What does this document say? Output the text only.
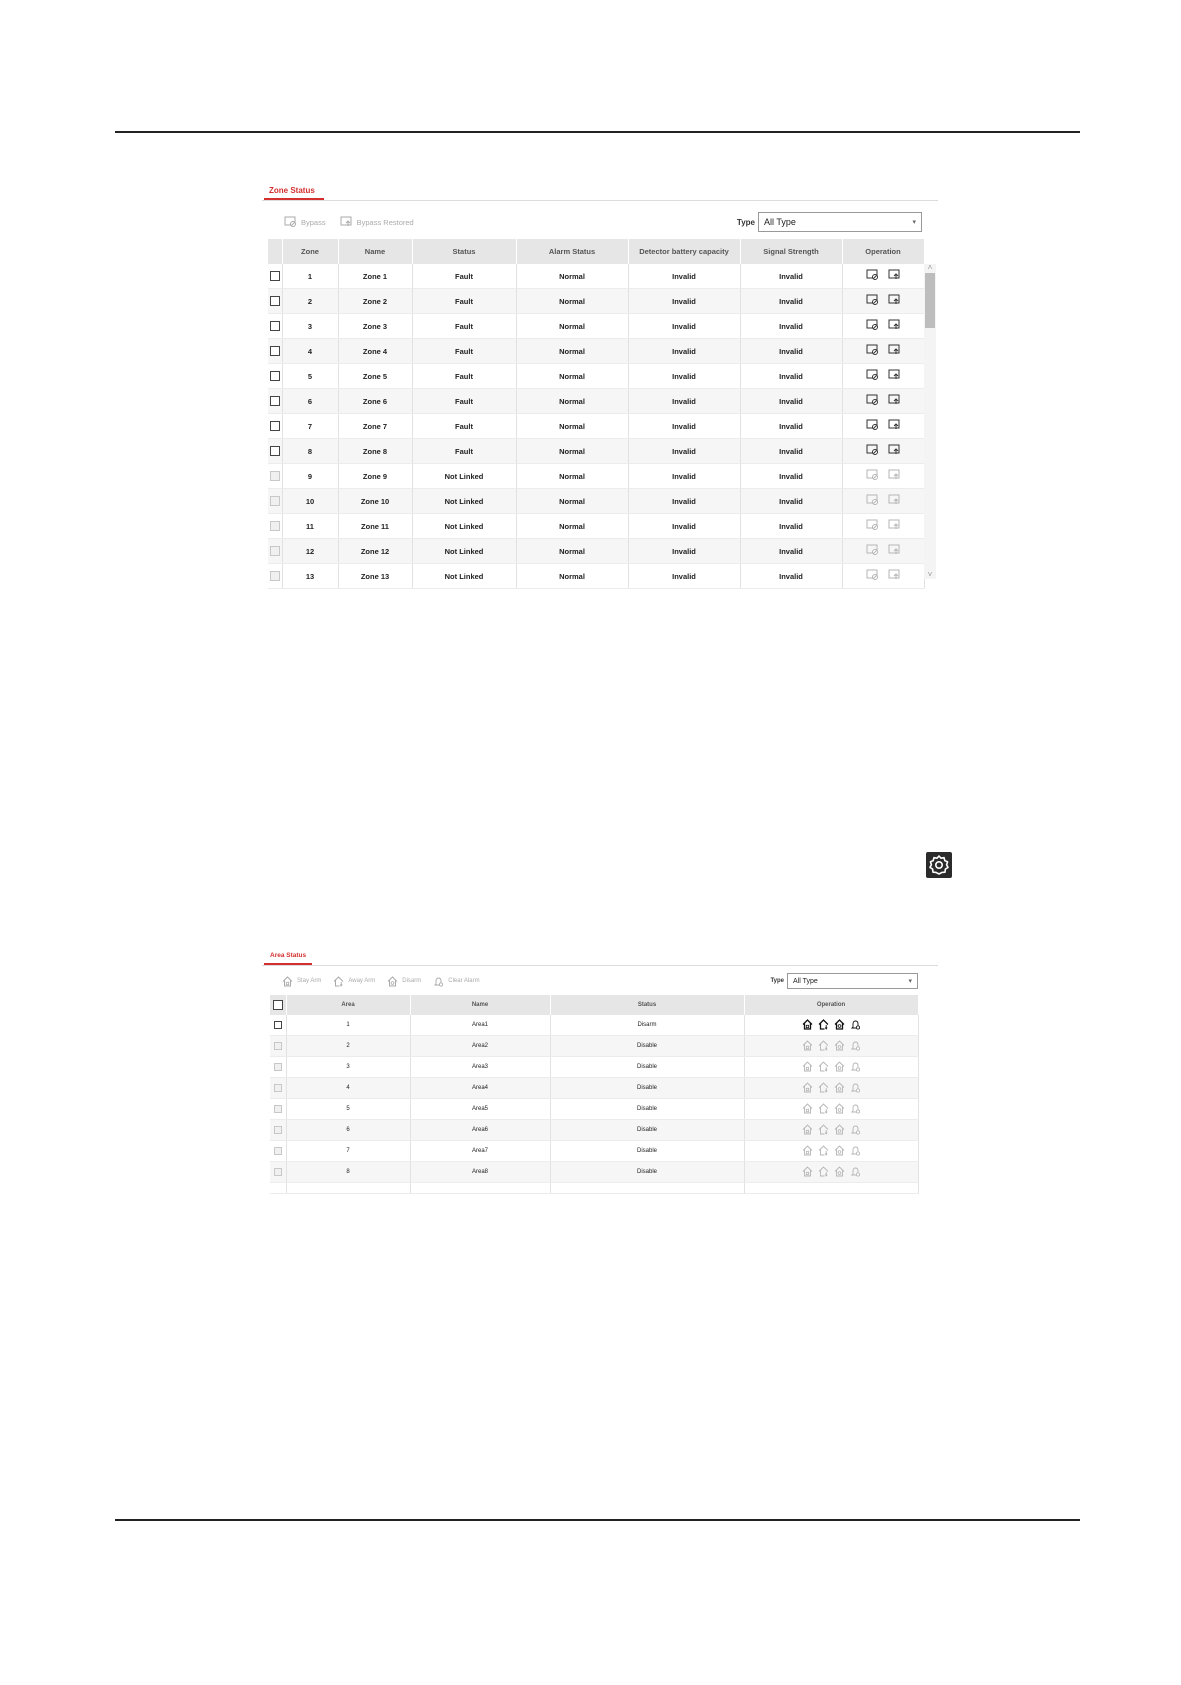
Zone Status
Bypass	Bypass Restored	Type All Type	▾
	Zone	Name	Status	Alarm Status	Detector battery capacity	Signal Strength	Operation
	1	Zone 1	Fault	Normal	Invalid	Invalid	

	2	Zone 2	Fault	Normal	Invalid	Invalid	

	3	Zone 3	Fault	Normal	Invalid	Invalid	

	4	Zone 4	Fault	Normal	Invalid	Invalid	

	5	Zone 5	Fault	Normal	Invalid	Invalid	

	6	Zone 6	Fault	Normal	Invalid	Invalid	

	7	Zone 7	Fault	Normal	Invalid	Invalid	

	8	Zone 8	Fault	Normal	Invalid	Invalid	

	9	Zone 9	Not Linked	Normal	Invalid	Invalid	

	10	Zone 10	Not Linked	Normal	Invalid	Invalid	

	11	Zone 11	Not Linked	Normal	Invalid	Invalid	

	12	Zone 12	Not Linked	Normal	Invalid	Invalid	

	13	Zone 13	Not Linked	Normal	Invalid	Invalid	
˄
˅
Area Status
Stay Arm	Away Arm	Disarm	Clear Alarm	Type All Type	▾
	Area	Name	Status	Operation
	1	Area1	Disarm	

	2	Area2	Disable	

	3	Area3	Disable	

	4	Area4	Disable	

	5	Area5	Disable	

	6	Area6	Disable	

	7	Area7	Disable	

	8	Area8	Disable	
